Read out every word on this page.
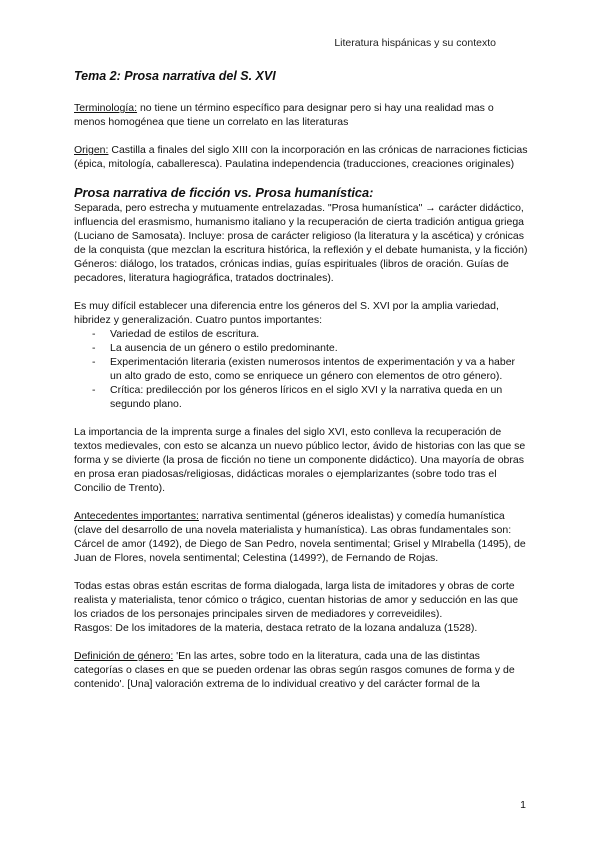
Literatura hispánicas y su contexto
Tema 2: Prosa narrativa del S. XVI

Terminología: no tiene un término específico para designar pero si hay una realidad mas o menos homogénea que tiene un correlato en las literaturas

Origen: Castilla a finales del siglo XIII con la incorporación en las crónicas de narraciones ficticias (épica, mitología, caballeresca). Paulatina independencia (traducciones, creaciones originales)

Prosa narrativa de ficción vs. Prosa humanística:

Separada, pero estrecha y mutuamente entrelazadas. "Prosa humanística" → carácter didáctico, influencia del erasmismo, humanismo italiano y la recuperación de cierta tradición antigua griega (Luciano de Samosata). Incluye: prosa de carácter religioso (la literatura y la ascética) y crónicas de la conquista (que mezclan la escritura histórica, la reflexión y el debate humanista, y la ficción)

Géneros: diálogo, los tratados, crónicas indias, guías espirituales (libros de oración. Guías de pecadores, literatura hagiográfica, tratados doctrinales).

Es muy difícil establecer una diferencia entre los géneros del S. XVI por la amplia variedad, hibridez y generalización. Cuatro puntos importantes:

- Variedad de estilos de escritura.
- La ausencia de un género o estilo predominante.
- Experimentación literaria (existen numerosos intentos de experimentación y va a haber un alto grado de esto, como se enriquece un género con elementos de otro género).
- Crítica: predilección por los géneros líricos en el siglo XVI y la narrativa queda en un segundo plano.

La importancia de la imprenta surge a finales del siglo XVI, esto conlleva la recuperación de textos medievales, con esto se alcanza un nuevo público lector, ávido de historias con las que se forma y se divierte (la prosa de ficción no tiene un componente didáctico). Una mayoría de obras en prosa eran piadosas/religiosas, didácticas morales o ejemplarizantes (sobre todo tras el Concilio de Trento).

Antecedentes importantes: narrativa sentimental (géneros idealistas) y comedía humanística (clave del desarrollo de una novela materialista y humanística). Las obras fundamentales son: Cárcel de amor (1492), de Diego de San Pedro, novela sentimental; Grisel y MIrabella (1495), de Juan de Flores, novela sentimental; Celestina (1499?), de Fernando de Rojas.

Todas estas obras están escritas de forma dialogada, larga lista de imitadores y obras de corte realista y materialista, tenor cómico o trágico, cuentan historias de amor y seducción en las que los criados de los personajes principales sirven de mediadores y correveidiles).

Rasgos: De los imitadores de la materia, destaca retrato de la lozana andaluza (1528).

Definición de género: 'En las artes, sobre todo en la literatura, cada una de las distintas categorías o clases en que se pueden ordenar las obras según rasgos comunes de forma y de contenido'. [Una] valoración extrema de lo individual creativo y del carácter formal de la

1
